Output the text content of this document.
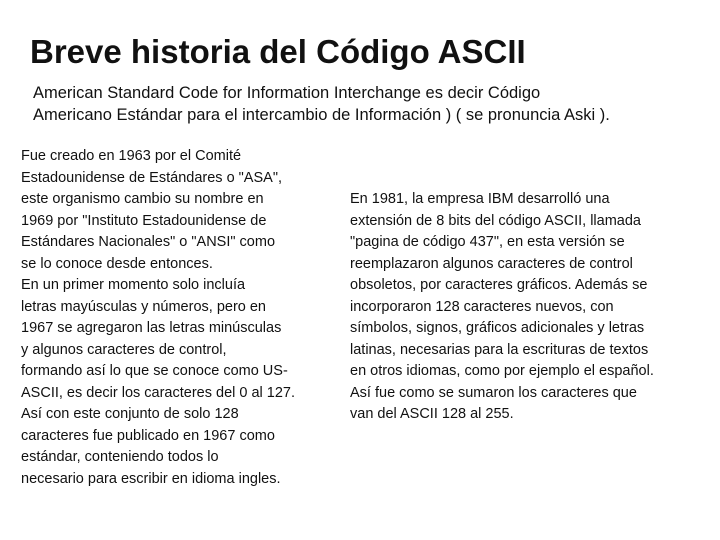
Breve historia del Código ASCII

American Standard Code for Information Interchange es decir Código
Americano Estándar para el intercambio de Información ) ( se pronuncia Aski ).

Fue creado en 1963 por el Comité
Estadounidense de Estándares o "ASA",
este organismo cambio su nombre en
1969 por "Instituto Estadounidense de
Estándares Nacionales" o "ANSI" como
se lo conoce desde entonces.
En un primer momento solo incluía
letras mayúsculas y números, pero en
1967 se agregaron las letras minúsculas
y algunos caracteres de control,
formando así lo que se conoce como US-
ASCII, es decir los caracteres del 0 al 127.
Así con este conjunto de solo 128
caracteres fue publicado en 1967 como
estándar, conteniendo todos lo
necesario para escribir en idioma ingles.

En 1981, la empresa IBM desarrolló una
extensión de 8 bits del código ASCII, llamada
"pagina de código 437", en esta versión se
reemplazaron algunos caracteres de control
obsoletos, por caracteres gráficos. Además se
incorporaron 128 caracteres nuevos, con
símbolos, signos, gráficos adicionales y letras
latinas, necesarias para la escrituras de textos
en otros idiomas, como por ejemplo el español.
Así fue como se sumaron los caracteres que
van del ASCII 128 al 255.
